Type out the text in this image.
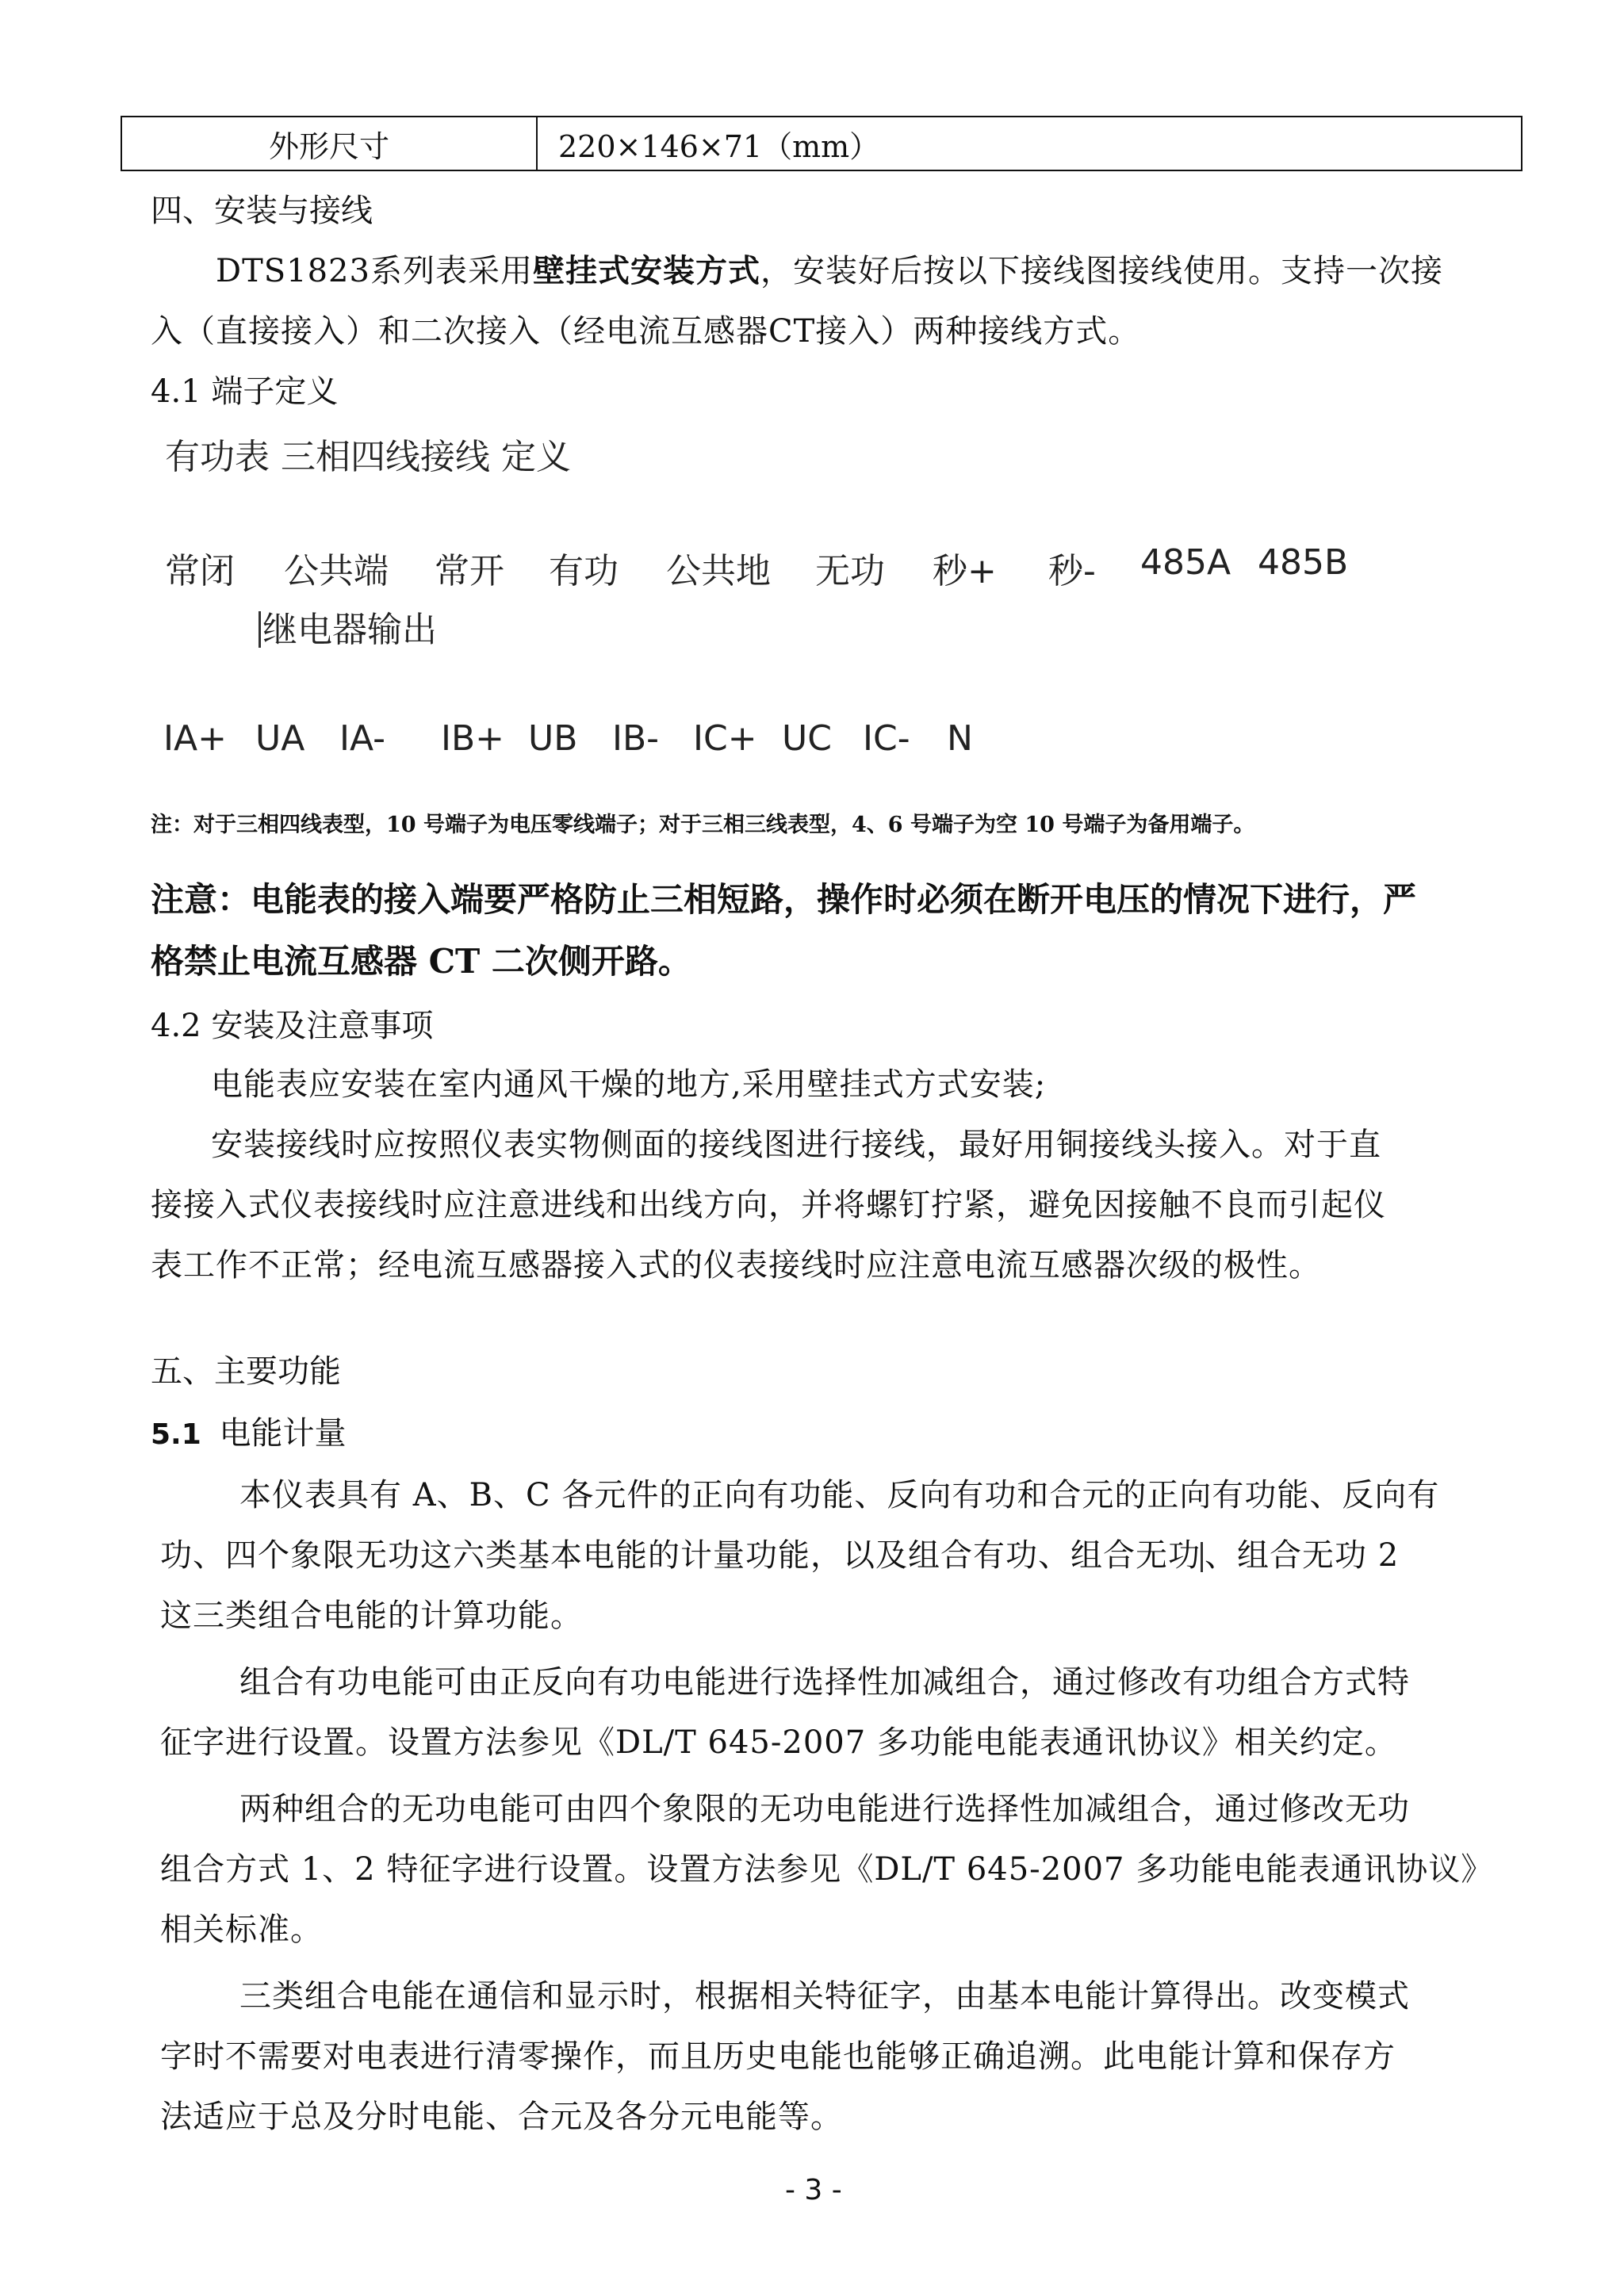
外形尺寸	220×146×71（mm）
四、安装与接线
DTS1823系列表采用壁挂式安装方式，安装好后按以下接线图接线使用。支持一次接
入（直接接入）和二次接入（经电流互感器CT接入）两种接线方式。
4.1 端子定义
有功表 三相四线接线 定义
常闭 公共端 常开 有功 公共地 无功 秒+ 秒- 485A 485B
继电器输出
IA+ UA IA- IB+ UB IB- IC+ UC IC- N
注：对于三相四线表型，10 号端子为电压零线端子；对于三相三线表型，4、6 号端子为空 10 号端子为备用端子。
注意：电能表的接入端要严格防止三相短路，操作时必须在断开电压的情况下进行，严
格禁止电流互感器 CT 二次侧开路。
4.2 安装及注意事项
电能表应安装在室内通风干燥的地方,采用壁挂式方式安装;
安装接线时应按照仪表实物侧面的接线图进行接线，最好用铜接线头接入。对于直
接接入式仪表接线时应注意进线和出线方向，并将螺钉拧紧，避免因接触不良而引起仪
表工作不正常；经电流互感器接入式的仪表接线时应注意电流互感器次级的极性。
五、主要功能
5.1 电能计量
本仪表具有 A、B、C 各元件的正向有功能、反向有功和合元的正向有功能、反向有
功、四个象限无功这六类基本电能的计量功能，以及组合有功、组合无功 、组合无功 2
这三类组合电能的计算功能。
组合有功电能可由正反向有功电能进行选择性加减组合，通过修改有功组合方式特
征字进行设置。设置方法参见《DL/T 645-2007 多功能电能表通讯协议》相关约定。
两种组合的无功电能可由四个象限的无功电能进行选择性加减组合，通过修改无功
组合方式 1、2 特征字进行设置。设置方法参见《DL/T 645-2007 多功能电能表通讯协议》
相关标准。
三类组合电能在通信和显示时，根据相关特征字，由基本电能计算得出。改变模式
字时不需要对电表进行清零操作，而且历史电能也能够正确追溯。此电能计算和保存方
法适应于总及分时电能、合元及各分元电能等。
- 3 -
